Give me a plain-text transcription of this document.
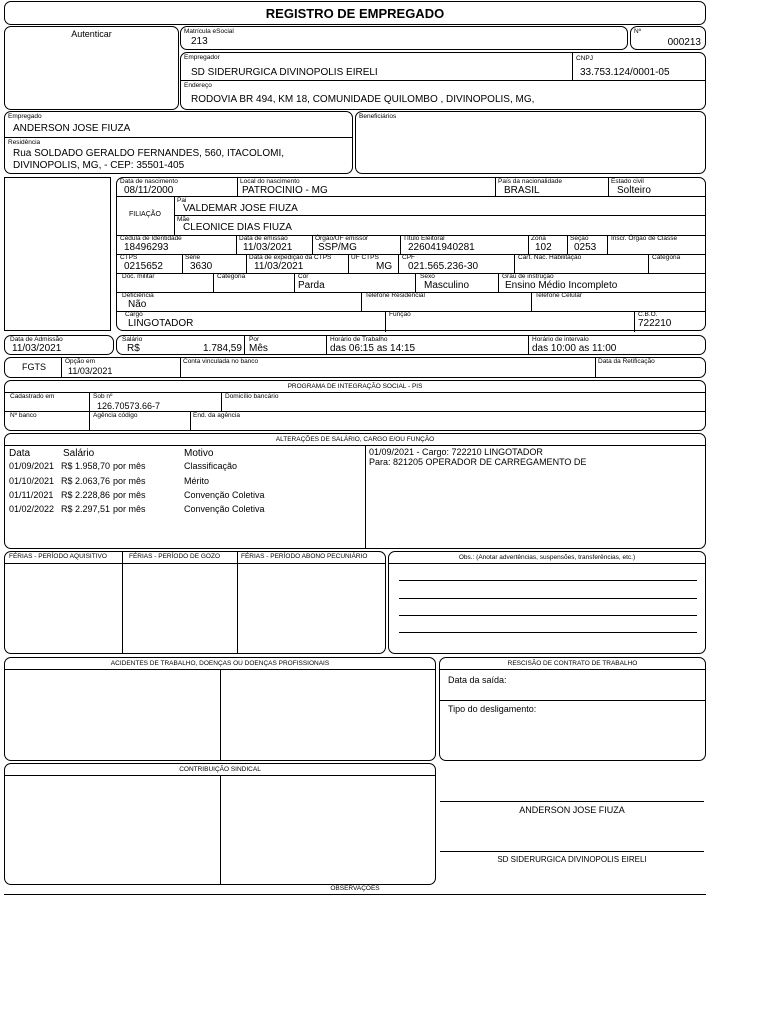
REGISTRO DE EMPREGADO
Autenticar	Matrícula eSocial
213
Nº
000213
Empregador
SD SIDERURGICA DIVINOPOLIS EIRELI
CNPJ
33.753.124/0001-05
Endereço
RODOVIA BR 494, KM 18, COMUNIDADE QUILOMBO , DIVINOPOLIS, MG,
Empregado
ANDERSON JOSE FIUZA
Residência
Rua SOLDADO GERALDO FERNANDES, 560, ITACOLOMI, DIVINOPOLIS, MG, - CEP: 35501-405
Beneficiários
Data de nascimento
08/11/2000
Local do nascimento
PATROCINIO - MG
País da nacionalidade
BRASIL
Estado civil
Solteiro
FILIAÇÃO
Pai
VALDEMAR JOSE FIUZA
Mãe
CLEONICE DIAS FIUZA
Cédula de Identidade
18496293
Data de emissão
11/03/2021
Órgão/UF emissor
SSP/MG
Título Eleitoral
226041940281
Zona
102
Seção
0253
Inscr. Órgão de Classe
CTPS
0215652
Série
3630
Data de expedição da CTPS
11/03/2021
UF CTPS
MG
CPF
021.565.236-30
Cart. Nac. Habilitação	Categoria
Doc. militar	Categoria	Cor
Parda
Sexo
Masculino
Grau de instrução
Ensino Médio Incompleto
Deficiência
Não
Telefone Residencial	Telefone Celular
Cargo
LINGOTADOR
Função	C.B.O.
722210
Data de Admissão
11/03/2021
Salário
R$	1.784,59
Por
Mês
Horário de Trabalho
das 06:15 as 14:15
Horário de intervalo
das 10:00 as 11:00
FGTS
Opção em
11/03/2021
Conta vinculada no banco	Data da Retificação
PROGRAMA DE INTEGRAÇÃO SOCIAL - PIS
Cadastrado em	Sob nº
126.70573.66-7
Domicílio bancário
Nº banco	Agência código	End. da agência
ALTERAÇÕES DE SALÁRIO, CARGO E/OU FUNÇÃO
Data	Salário	Motivo
01/09/2021 R$ 1.958,70 por mês	Classificação
01/10/2021 R$ 2.063,76 por mês	Mérito
01/11/2021 R$ 2.228,86 por mês	Convenção Coletiva
01/02/2022 R$ 2.297,51 por mês	Convenção Coletiva
01/09/2021 - Cargo: 722210 LINGOTADOR
Para: 821205 OPERADOR DE CARREGAMENTO DE
FÉRIAS - PERÍODO AQUISITIVO	FÉRIAS - PERÍODO DE GOZO	FÉRIAS - PERÍODO ABONO PECUNIÁRIO	Obs.: (Anotar advertências, suspensões, transferências, etc.)
ACIDENTES DE TRABALHO, DOENÇAS OU DOENÇAS PROFISSIONAIS	RESCISÃO DE CONTRATO DE TRABALHO
Data da saída:
Tipo do desligamento:
CONTRIBUIÇÃO SINDICAL
ANDERSON JOSE FIUZA
SD SIDERURGICA DIVINOPOLIS EIRELI
OBSERVAÇÕES
